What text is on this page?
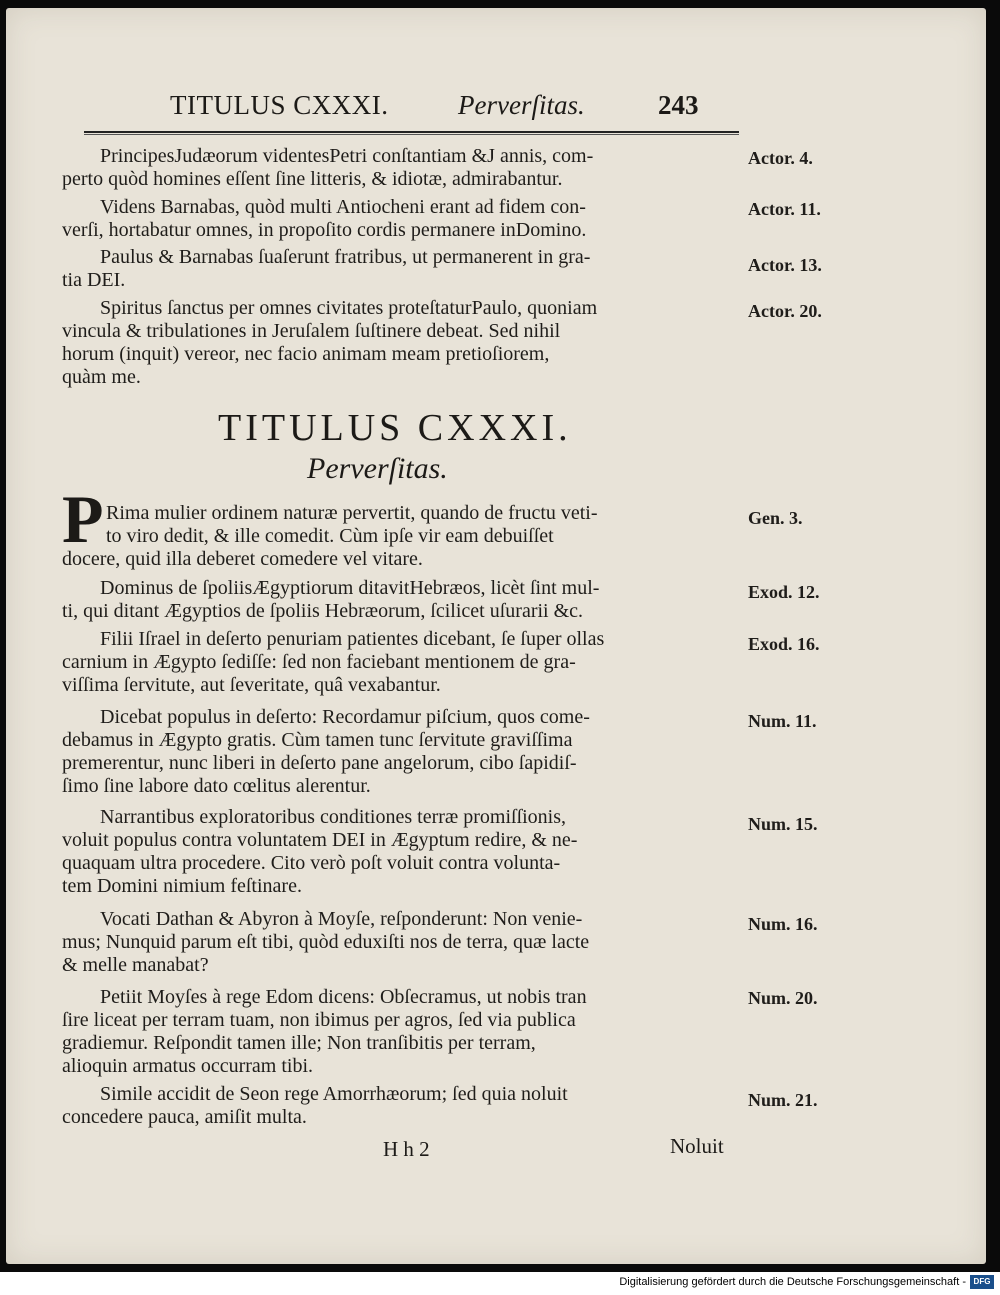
TITULUS CXXXI.	Perverſitas.	243
PrincipesJudæorum videntesPetri conſtantiam &J annis, com-
perto quòd homines eſſent ſine litteris, & idiotæ, admirabantur.
Actor. 4.
Videns Barnabas, quòd multi Antiocheni erant ad fidem con-
verſi, hortabatur omnes, in propoſito cordis permanere inDomino.
Actor. 11.
Paulus & Barnabas ſuaſerunt fratribus, ut permanerent in gra-
tia DEI.
Actor. 13.
Spiritus ſanctus per omnes civitates proteſtaturPaulo, quoniam
vincula & tribulationes in Jeruſalem ſuſtinere debeat. Sed nihil
horum (inquit) vereor, nec facio animam meam pretioſiorem,
quàm me.
Actor. 20.
TITULUS CXXXI.
Perverſitas.
P Rima mulier ordinem naturæ pervertit, quando de fructu veti-
to viro dedit, & ille comedit. Cùm ipſe vir eam debuiſſet
docere, quid illa deberet comedere vel vitare.
Gen. 3.
Dominus de ſpoliisÆgyptiorum ditavitHebræos, licèt ſint mul-
ti, qui ditant Ægyptios de ſpoliis Hebræorum, ſcilicet uſurarii &c.
Exod. 12.
Filii Iſrael in deſerto penuriam patientes dicebant, ſe ſuper ollas
carnium in Ægypto ſediſſe: ſed non faciebant mentionem de gra-
viſſima ſervitute, aut ſeveritate, quâ vexabantur.
Exod. 16.
Dicebat populus in deſerto: Recordamur piſcium, quos come-
debamus in Ægypto gratis. Cùm tamen tunc ſervitute graviſſima
premerentur, nunc liberi in deſerto pane angelorum, cibo ſapidiſ-
ſimo ſine labore dato cœlitus alerentur.
Num. 11.
Narrantibus exploratoribus conditiones terræ promiſſionis,
voluit populus contra voluntatem DEI in Ægyptum redire, & ne-
quaquam ultra procedere. Cito verò poſt voluit contra volunta-
tem Domini nimium feſtinare.
Num. 15.
Vocati Dathan & Abyron à Moyſe, reſponderunt: Non venie-
mus; Nunquid parum eſt tibi, quòd eduxiſti nos de terra, quæ lacte
& melle manabat?
Num. 16.
Petiit Moyſes à rege Edom dicens: Obſecramus, ut nobis tran
ſire liceat per terram tuam, non ibimus per agros, ſed via publica
gradiemur. Reſpondit tamen ille; Non tranſibitis per terram,
alioquin armatus occurram tibi.
Num. 20.
Simile accidit de Seon rege Amorrhæorum; ſed quia noluit
concedere pauca, amiſit multa.
Num. 21.
H h 2	Noluit
Digitalisierung gefördert durch die Deutsche Forschungsgemeinschaft - DFG
